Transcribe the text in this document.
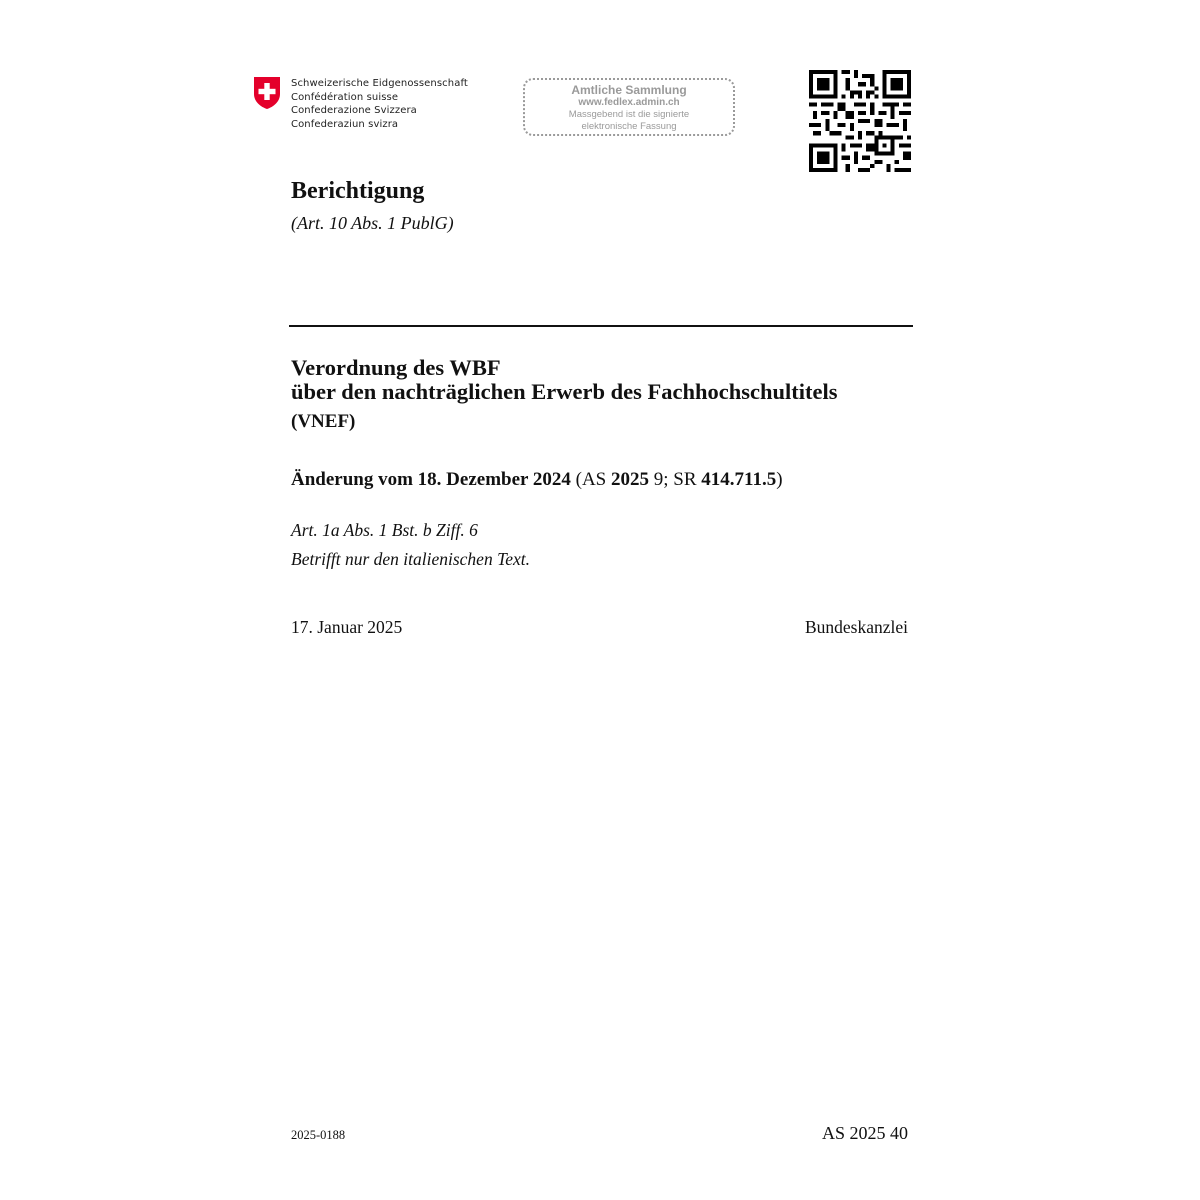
Schweizerische Eidgenossenschaft
Confédération suisse
Confederazione Svizzera
Confederaziun svizra
Amtliche Sammlung
www.fedlex.admin.ch
Massgebend ist die signierte
elektronische Fassung
Berichtigung
(Art. 10 Abs. 1 PublG)
Verordnung des WBF
über den nachträglichen Erwerb des Fachhochschultitels
(VNEF)
Änderung vom 18. Dezember 2024 (AS 2025 9; SR 414.711.5)
Art. 1a Abs. 1 Bst. b Ziff. 6
Betrifft nur den italienischen Text.
17. Januar 2025	Bundeskanzlei
2025-0188	AS 2025 40
